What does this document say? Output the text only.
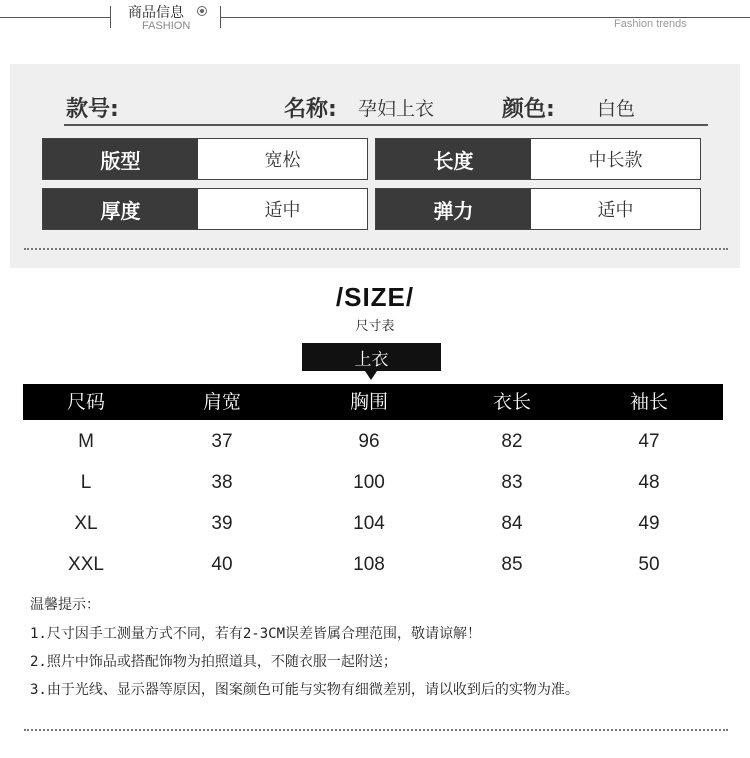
商品信息
FASHION	Fashion trends
款号:	名称: 孕妇上衣	颜色: 白色
版型	宽松	长度	中长款
厚度	适中	弹力	适中
/SIZE/
尺寸表
上衣
尺码	肩宽	胸围	衣长	袖长
M	37	96	82	47
L	38	100	83	48
XL	39	104	84	49
XXL	40	108	85	50
温馨提示：
1.尺寸因手工测量方式不同，若有2-3CM误差皆属合理范围，敬请谅解！
2.照片中饰品或搭配饰物为拍照道具，不随衣服一起附送；
3.由于光线、显示器等原因，图案颜色可能与实物有细微差别，请以收到后的实物为准。
